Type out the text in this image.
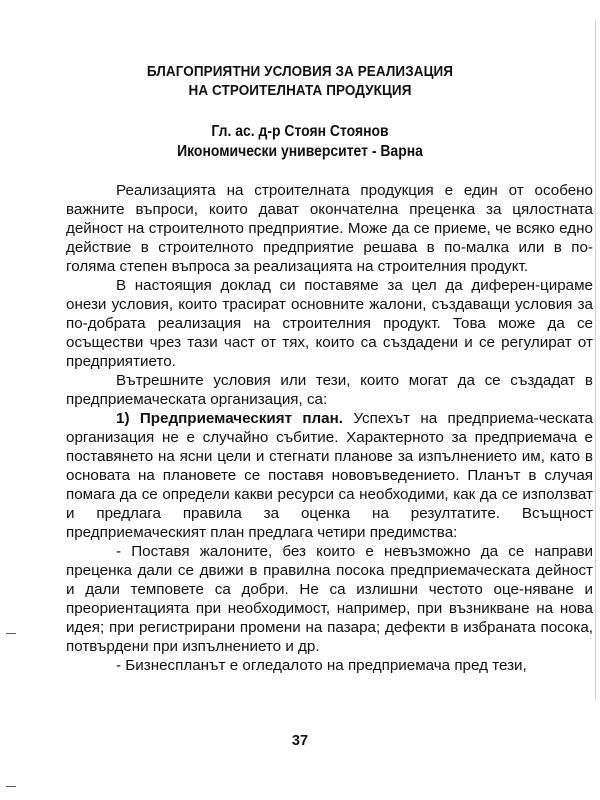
БЛАГОПРИЯТНИ УСЛОВИЯ ЗА РЕАЛИЗАЦИЯ
НА СТРОИТЕЛНАТА ПРОДУКЦИЯ
Гл. ас. д-р Стоян Стоянов
Икономически университет - Варна

Реализацията на строителната продукция е един от особено важните въпроси, които дават окончателна преценка за цялостната дейност на строителното предприятие. Може да се приеме, че всяко едно действие в строителното предприятие решава в по-малка или в по-голяма степен въпроса за реализацията на строителния продукт.

В настоящия доклад си поставяме за цел да диферен-цираме онези условия, които трасират основните жалони, създаващи условия за по-добрата реализация на строителния продукт. Това може да се осъществи чрез тази част от тях, които са създадени и се регулират от предприятието.

Вътрешните условия или тези, които могат да се създадат в предприемаческата организация, са:

1) Предприемаческият план. Успехът на предприема-ческата организация не е случайно събитие. Характерното за предприемача е поставянето на ясни цели и стегнати планове за изпълнението им, като в основата на плановете се поставя нововъведението. Планът в случая помага да се определи какви ресурси са необходими, как да се използват и предлага правила за оценка на резултатите. Всъщност предприемаческият план предлага четири предимства:

- Поставя жалоните, без които е невъзможно да се направи преценка дали се движи в правилна посока предприемаческата дейност и дали темповете са добри. Не са излишни честото оце-няване и преориентацията при необходимост, например, при възникване на нова идея; при регистрирани промени на пазара; дефекти в избраната посока, потвърдени при изпълнението и др.

- Бизнеспланът е огледалото на предприемача пред тези,

37
